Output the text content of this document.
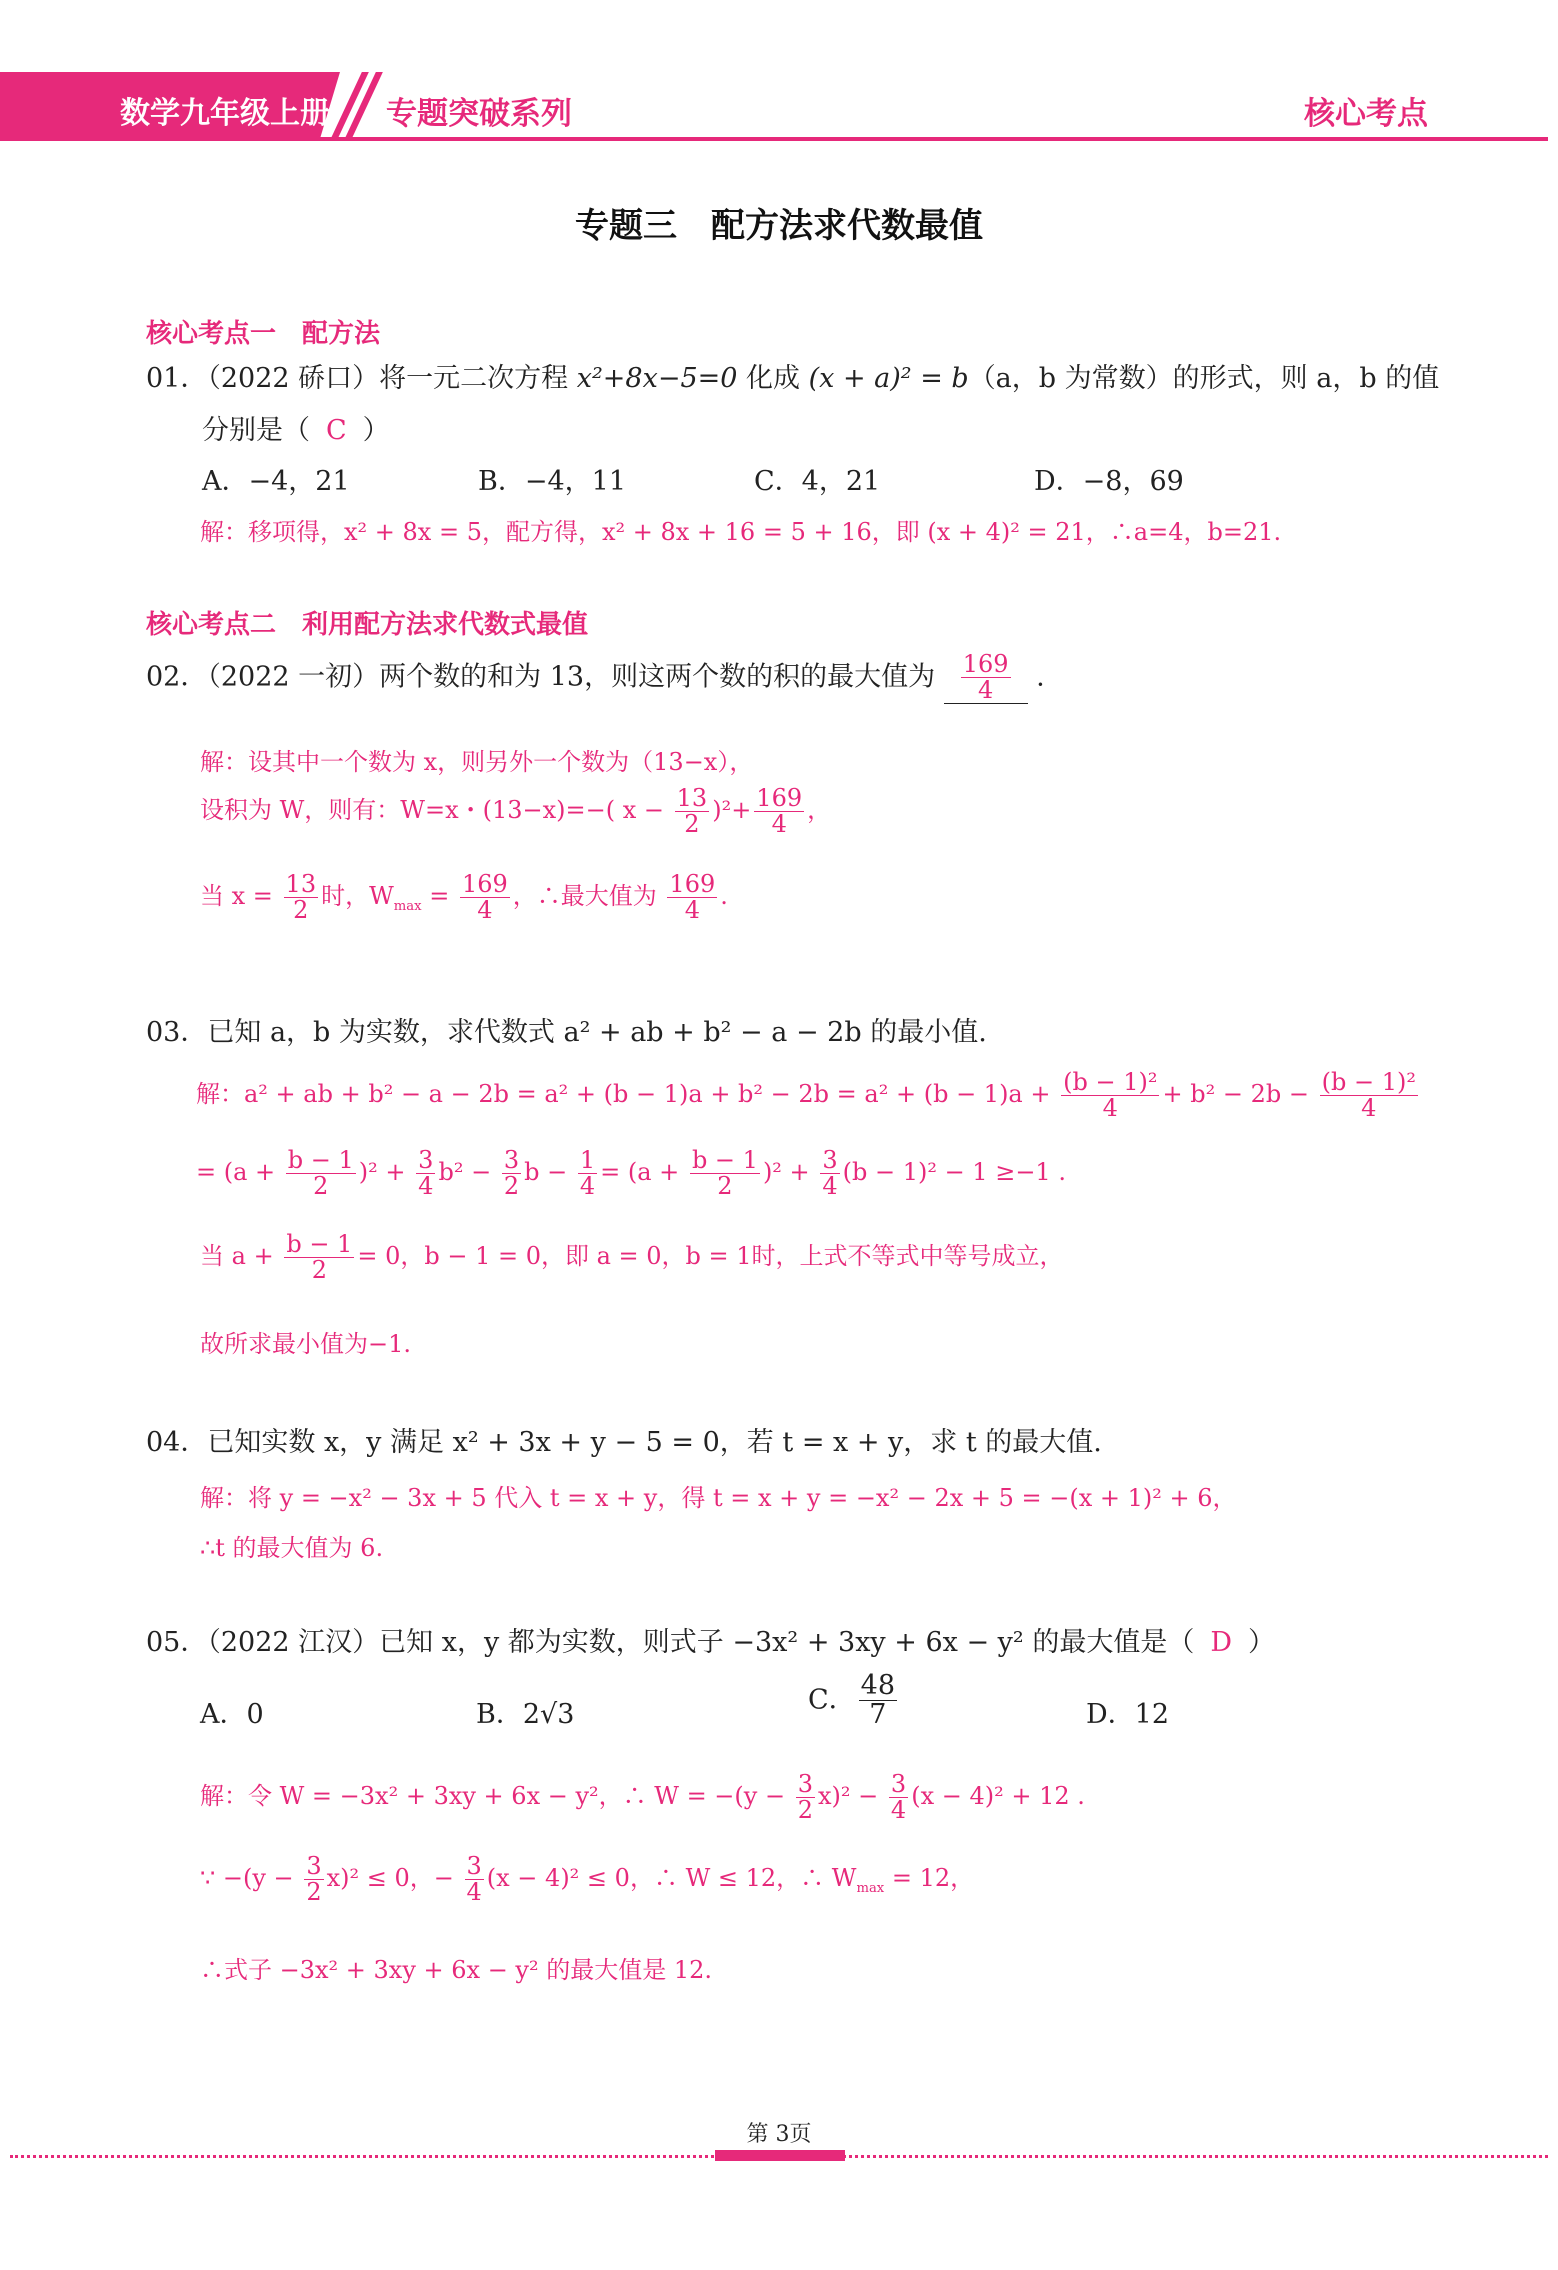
数学九年级上册 专题突破系列	核心考点
专题三　配方法求代数最值
核心考点一　配方法
01．（2022 硚口）将一元二次方程 x²+8x−5=0 化成 (x + a)² = b（a，b 为常数）的形式，则 a，b 的值
分别是（ C ）
A．−4，21	B．−4，11	C．4，21	D．−8，69
解：移项得，x² + 8x = 5，配方得，x² + 8x + 16 = 5 + 16，即 (x + 4)² = 21，∴a=4，b=21.
核心考点二　利用配方法求代数式最值
02．（2022 一初）两个数的和为 13，则这两个数的积的最大值为 $\frac{169}{4}$ .
解：设其中一个数为 x，则另外一个数为（13−x），
设积为 W，则有：W=x・(13−x)=−( $x - \frac{13}{2} )^2+ \frac{169}{4}$ ，
当 $x = \frac{13}{2}$ 时，$W_{max} = \frac{169}{4}$ ，∴最大值为 $\frac{169}{4}$ .
03．已知 a，b 为实数，求代数式 a² + ab + b² − a − 2b 的最小值.
解：a² + ab + $b^2 - a - 2b = a^2 + (b - 1)a + b^2 - 2b = a^2 + (b - 1)a + \frac{\text{(b − 1)²}}{4} + b^2 - 2b - \frac{\text{(b − 1)²}}{4}$
= $(a + \frac{b - 1}{2} )^2 + \frac{3}{4} b^2 - \frac{3}{2}$ $b - \frac{1}{4} = (a + \frac{b - 1}{2} )^2 + \frac{3}{4} (b - 1)^2 - 1 \ge-1$ .
当 $a + \frac{b - 1}{2} = 0$，b − 1 = 0，即 a = 0，b = 1时，上式不等式中等号成立，
故所求最小值为−1.
04．已知实数 x，y 满足 x² + 3x + y − 5 = 0，若 t = x + y，求 t 的最大值.
解：将 y = −x² − 3x + 5 代入 t = x + y，得 t = x + y = −x² − 2x + 5 = −(x + 1)² + 6，
∴t 的最大值为 6.
05．（2022 江汉）已知 x，y 都为实数，则式子 −3x² + 3xy + 6x − y² 的最大值是（ D ）
A．0	B．2√3	C． $\frac{48}{7}$	D．12
解：令 W = −3x² + 3xy + 6x − y²，∴ $W = -(y - \frac{3}{2} x)^2 - \frac{3}{4} (x - 4)^2 + 12$ .
∵ $-(y - \frac{3}{2} x)^2 \le 0$，− $\frac{3}{4} (x - 4)^2 \le 0$，∴ W ≤ 12，∴ $W_{max} = 12$，
∴式子 −3x² + 3xy + 6x − y² 的最大值是 12.
第 3页
